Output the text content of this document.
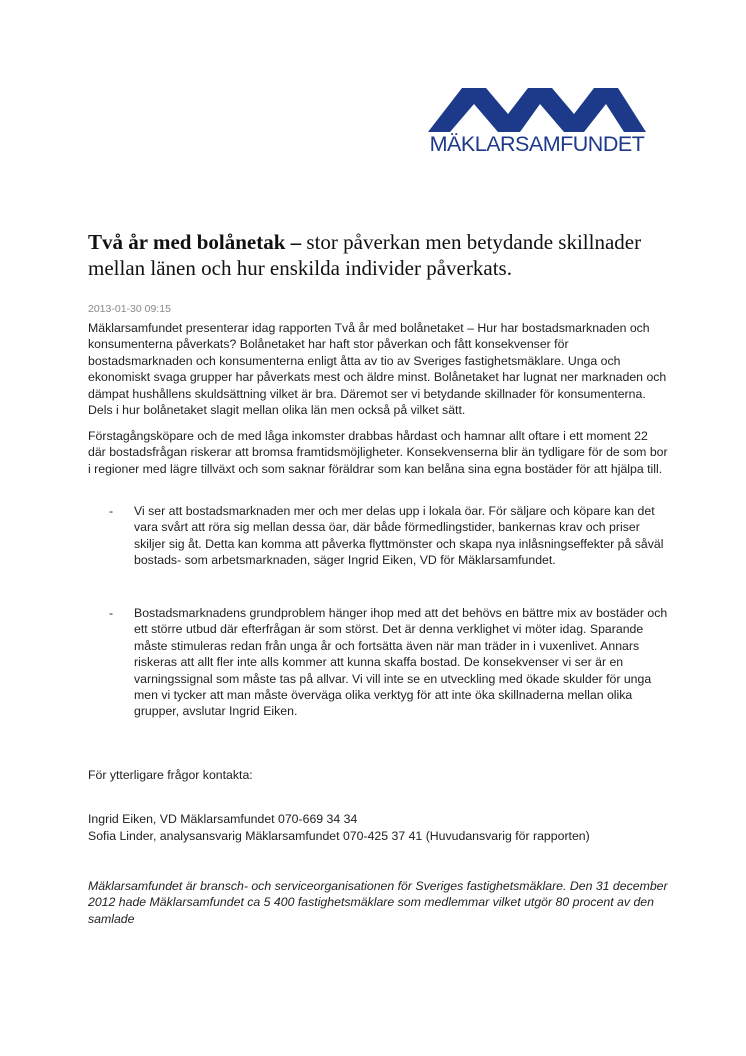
MÄKLARSAMFUNDET
Två år med bolånetak – stor påverkan men betydande skillnader mellan länen och hur enskilda individer påverkats.
2013-01-30 09:15

Mäklarsamfundet presenterar idag rapporten Två år med bolånetaket – Hur har bostadsmarknaden och konsumenterna påverkats? Bolånetaket har haft stor påverkan och fått konsekvenser för bostadsmarknaden och konsumenterna enligt åtta av tio av Sveriges fastighetsmäklare. Unga och ekonomiskt svaga grupper har påverkats mest och äldre minst. Bolånetaket har lugnat ner marknaden och dämpat hushållens skuldsättning vilket är bra. Däremot ser vi betydande skillnader för konsumenterna. Dels i hur bolånetaket slagit mellan olika län men också på vilket sätt.

Förstagångsköpare och de med låga inkomster drabbas hårdast och hamnar allt oftare i ett moment 22 där bostadsfrågan riskerar att bromsa framtidsmöjligheter. Konsekvenserna blir än tydligare för de som bor i regioner med lägre tillväxt och som saknar föräldrar som kan belåna sina egna bostäder för att hjälpa till.

- Vi ser att bostadsmarknaden mer och mer delas upp i lokala öar. För säljare och köpare kan det vara svårt att röra sig mellan dessa öar, där både förmedlingstider, bankernas krav och priser skiljer sig åt. Detta kan komma att påverka flyttmönster och skapa nya inlåsningseffekter på såväl bostads- som arbetsmarknaden, säger Ingrid Eiken, VD för Mäklarsamfundet.
- Bostadsmarknadens grundproblem hänger ihop med att det behövs en bättre mix av bostäder och ett större utbud där efterfrågan är som störst. Det är denna verklighet vi möter idag. Sparande måste stimuleras redan från unga år och fortsätta även när man träder in i vuxenlivet. Annars riskeras att allt fler inte alls kommer att kunna skaffa bostad. De konsekvenser vi ser är en varningssignal som måste tas på allvar. Vi vill inte se en utveckling med ökade skulder för unga men vi tycker att man måste överväga olika verktyg för att inte öka skillnaderna mellan olika grupper, avslutar Ingrid Eiken.
För ytterligare frågor kontakta:
Ingrid Eiken, VD Mäklarsamfundet 070-669 34 34
Sofia Linder, analysansvarig Mäklarsamfundet 070-425 37 41 (Huvudansvarig för rapporten)

Mäklarsamfundet är bransch- och serviceorganisationen för Sveriges fastighetsmäklare. Den 31 december 2012 hade Mäklarsamfundet ca 5 400 fastighetsmäklare som medlemmar vilket utgör 80 procent av den samlade
